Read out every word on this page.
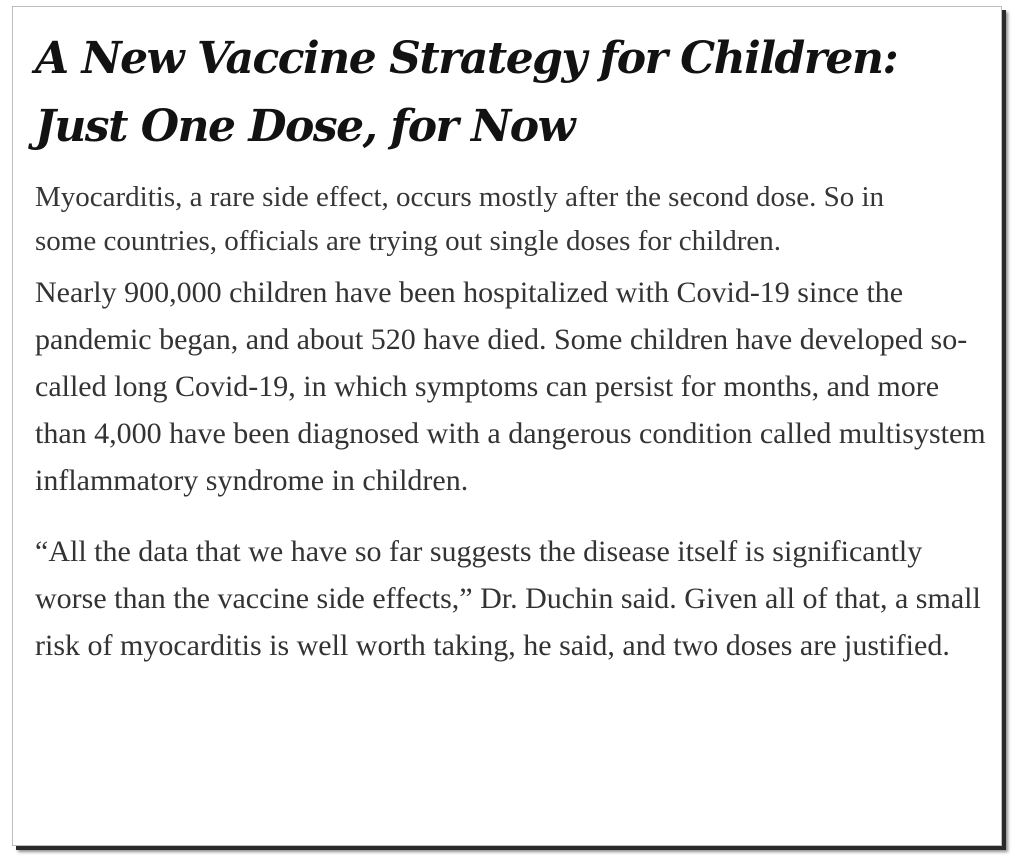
A New Vaccine Strategy for Children: Just One Dose, for Now

Myocarditis, a rare side effect, occurs mostly after the second dose. So in some countries, officials are trying out single doses for children.

Nearly 900,000 children have been hospitalized with Covid-19 since the pandemic began, and about 520 have died. Some children have developed so-called long Covid-19, in which symptoms can persist for months, and more than 4,000 have been diagnosed with a dangerous condition called multisystem inflammatory syndrome in children.

“All the data that we have so far suggests the disease itself is significantly worse than the vaccine side effects,” Dr. Duchin said. Given all of that, a small risk of myocarditis is well worth taking, he said, and two doses are justified.
